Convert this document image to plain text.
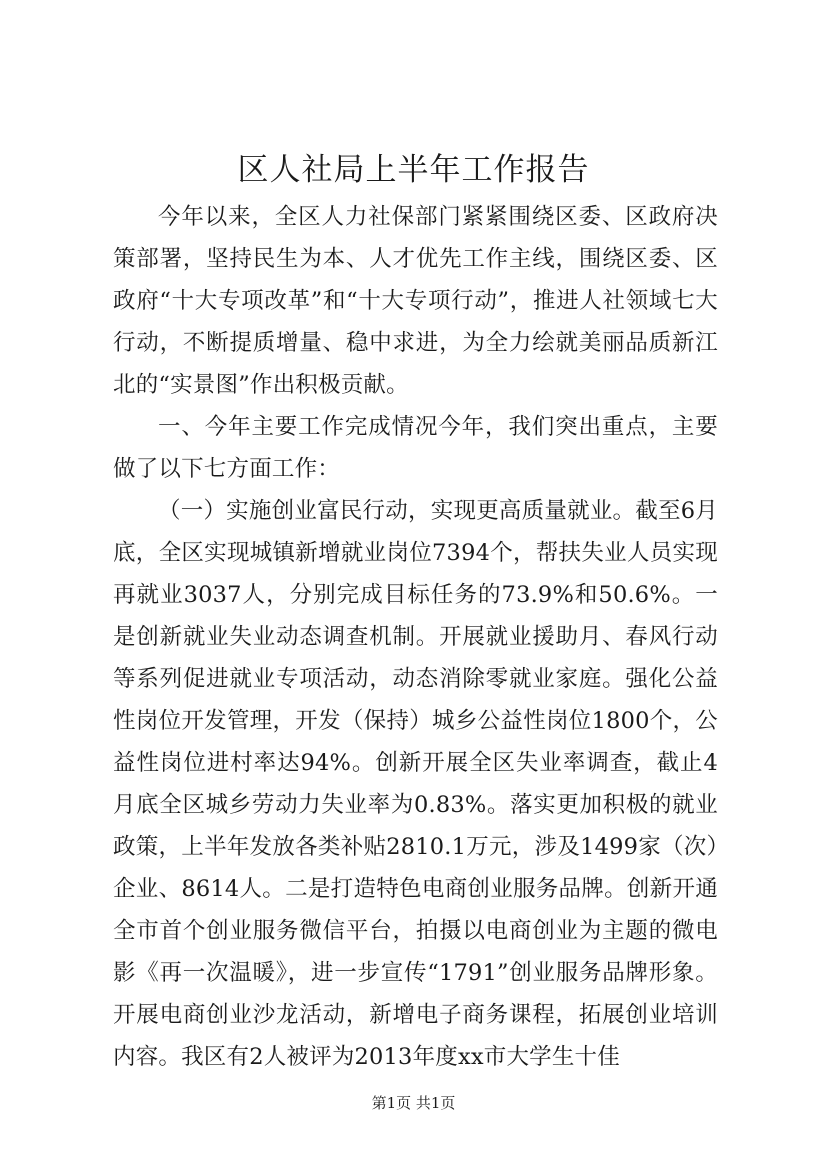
区人社局上半年工作报告

今年以来，全区人力社保部门紧紧围绕区委、区政府决策部署，坚持民生为本、人才优先工作主线，围绕区委、区政府“十大专项改革”和“十大专项行动”，推进人社领域七大行动，不断提质增量、稳中求进，为全力绘就美丽品质新江北的“实景图”作出积极贡献。

一、今年主要工作完成情况今年，我们突出重点，主要做了以下七方面工作：

（一）实施创业富民行动，实现更高质量就业。截至6月底，全区实现城镇新增就业岗位7394个，帮扶失业人员实现再就业3037人，分别完成目标任务的73.9%和50.6%。一是创新就业失业动态调查机制。开展就业援助月、春风行动等系列促进就业专项活动，动态消除零就业家庭。强化公益性岗位开发管理，开发（保持）城乡公益性岗位1800个，公益性岗位进村率达94%。创新开展全区失业率调查，截止4月底全区城乡劳动力失业率为0.83%。落实更加积极的就业政策，上半年发放各类补贴2810.1万元，涉及1499家（次）企业、8614人。二是打造特色电商创业服务品牌。创新开通全市首个创业服务微信平台，拍摄以电商创业为主题的微电影《再一次温暖》，进一步宣传“1791”创业服务品牌形象。开展电商创业沙龙活动，新增电子商务课程，拓展创业培训内容。我区有2人被评为2013年度xx市大学生十佳

第1页 共1页
